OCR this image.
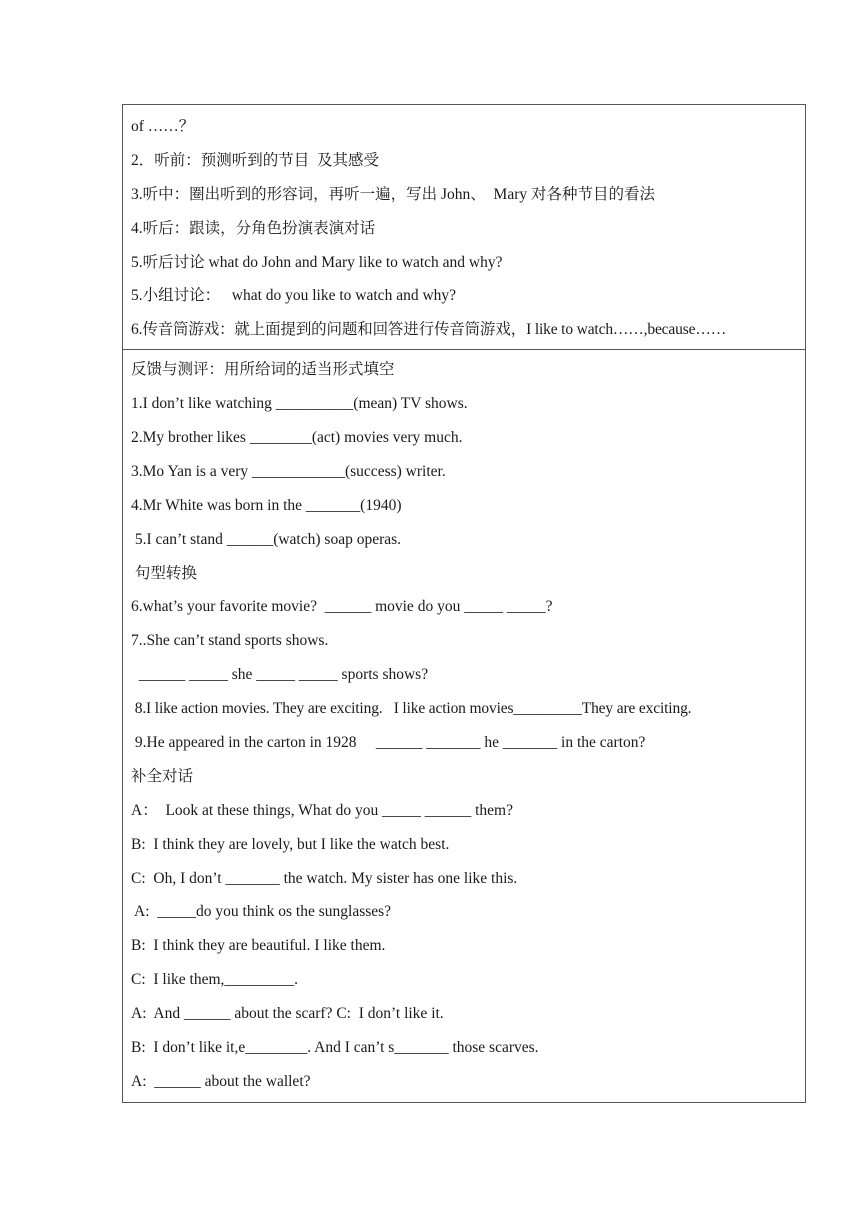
of ……？
2．听前：预测听到的节目  及其感受
3.听中：圈出听到的形容词，再听一遍，写出 John、  Mary 对各种节目的看法
4.听后：跟读，分角色扮演表演对话
5.听后讨论 what do John and Mary like to watch and why?
5.小组讨论：   what do you like to watch and why?
6.传音筒游戏：就上面提到的问题和回答进行传音筒游戏，I like to watch……,because……
反馈与测评：用所给词的适当形式填空
1.I don’t like watching __________(mean) TV shows.
2.My brother likes ________(act) movies very much.
3.Mo Yan is a very ____________(success) writer.
4.Mr White was born in the _______(1940)
5.I can’t stand ______(watch) soap operas.
句型转换
6.what’s your favorite movie?  ______ movie do you _____ _____?
7..She can’t stand sports shows.
______ _____ she _____ _____ sports shows?
8.I like action movies. They are exciting.   I like action movies_________They are exciting.
9.He appeared in the carton in 1928     ______ _______ he _______ in the carton?
补全对话
A：  Look at these things, What do you _____ ______ them?
B:  I think they are lovely, but I like the watch best.
C:  Oh, I don’t _______ the watch. My sister has one like this.
A:  _____do you think os the sunglasses?
B:  I think they are beautiful. I like them.
C:  I like them,_________.
A:  And ______ about the scarf? C:  I don’t like it.
B:  I don’t like it,e________. And I can’t s_______ those scarves.
A:  ______ about the wallet?
